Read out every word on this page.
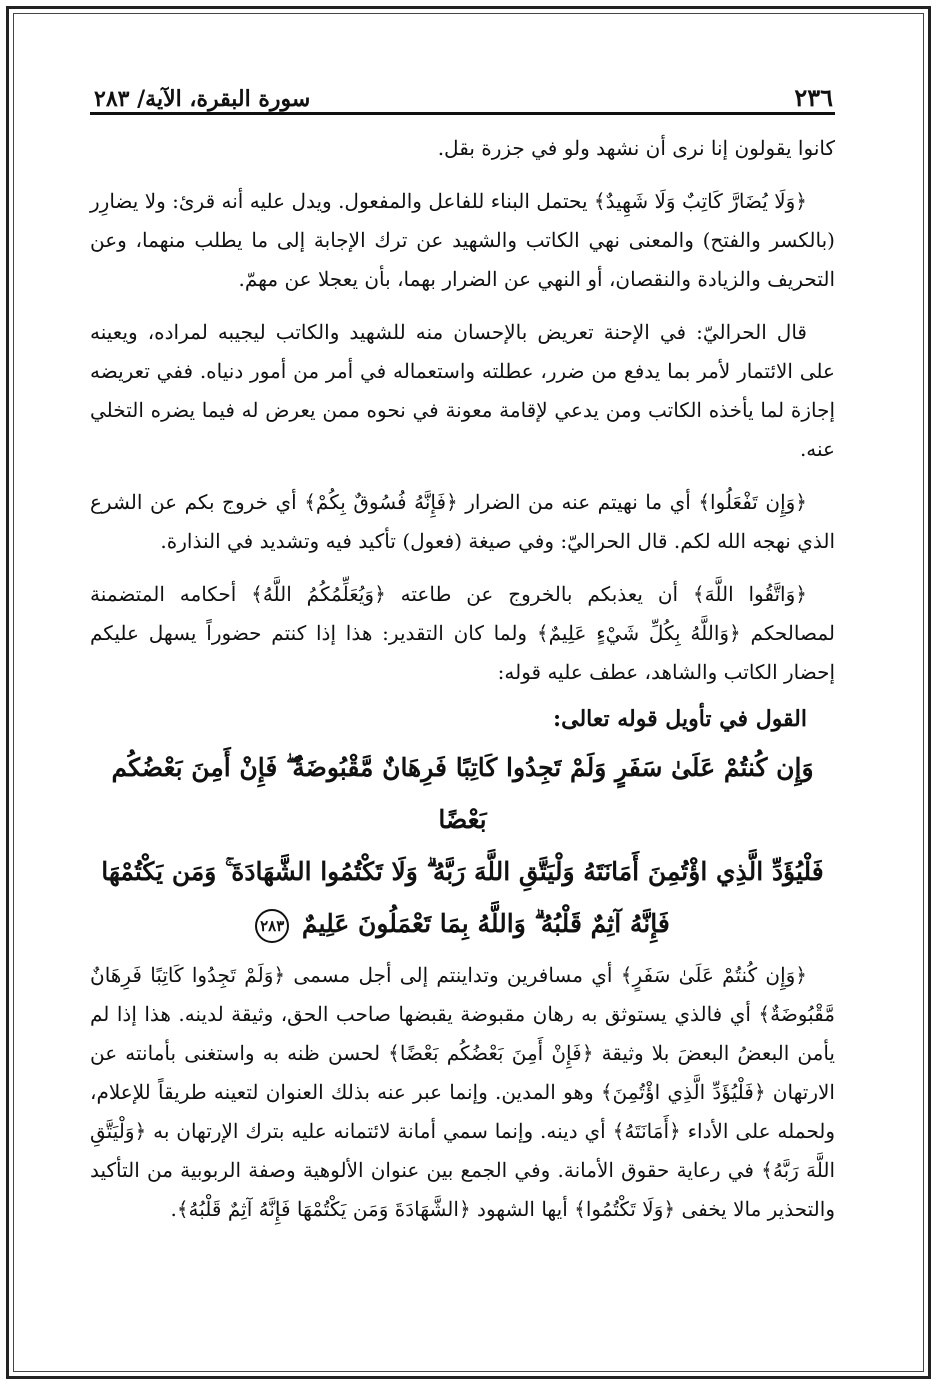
٢٣٦
سورة البقرة، الآية/ ٢٨٣

كانوا يقولون إنا نرى أن نشهد ولو في جزرة بقل.

﴿وَلَا يُضَارَّ كَاتِبٌ وَلَا شَهِيدٌ﴾ يحتمل البناء للفاعل والمفعول. ويدل عليه أنه قرئ: ولا يضارِر (بالكسر والفتح) والمعنى نهي الكاتب والشهيد عن ترك الإجابة إلى ما يطلب منهما، وعن التحريف والزيادة والنقصان، أو النهي عن الضرار بهما، بأن يعجلا عن مهمّ.

قال الحراليّ: في الإحنة تعريض بالإحسان منه للشهيد والكاتب ليجيبه لمراده، ويعينه على الائتمار لأمر بما يدفع من ضرر، عطلته واستعماله في أمر من أمور دنياه. ففي تعريضه إجازة لما يأخذه الكاتب ومن يدعي لإقامة معونة في نحوه ممن يعرض له فيما يضره التخلي عنه.

﴿وَإِن تَفْعَلُوا﴾ أي ما نهيتم عنه من الضرار ﴿فَإِنَّهُ فُسُوقٌ بِكُمْ﴾ أي خروج بكم عن الشرع الذي نهجه الله لكم. قال الحراليّ: وفي صيغة (فعول) تأكيد فيه وتشديد في النذارة.

﴿وَاتَّقُوا اللَّهَ﴾ أن يعذبكم بالخروج عن طاعته ﴿وَيُعَلِّمُكُمُ اللَّهُ﴾ أحكامه المتضمنة لمصالحكم ﴿وَاللَّهُ بِكُلِّ شَيْءٍ عَلِيمٌ﴾ ولما كان التقدير: هذا إذا كنتم حضوراً يسهل عليكم إحضار الكاتب والشاهد، عطف عليه قوله:

القول في تأويل قوله تعالى:
وَإِن كُنتُمْ عَلَىٰ سَفَرٍ وَلَمْ تَجِدُوا كَاتِبًا فَرِهَانٌ مَّقْبُوضَةٌ ۖ فَإِنْ أَمِنَ بَعْضُكُم بَعْضًا
فَلْيُؤَدِّ الَّذِي اؤْتُمِنَ أَمَانَتَهُ وَلْيَتَّقِ اللَّهَ رَبَّهُ ۗ وَلَا تَكْتُمُوا الشَّهَادَةَ ۚ وَمَن يَكْتُمْهَا
فَإِنَّهُ آثِمٌ قَلْبُهُ ۗ وَاللَّهُ بِمَا تَعْمَلُونَ عَلِيمٌ ٢٨٣

﴿وَإِن كُنتُمْ عَلَىٰ سَفَرٍ﴾ أي مسافرين وتداينتم إلى أجل مسمى ﴿وَلَمْ تَجِدُوا كَاتِبًا فَرِهَانٌ مَّقْبُوضَةٌ﴾ أي فالذي يستوثق به رهان مقبوضة يقبضها صاحب الحق، وثيقة لدينه. هذا إذا لم يأمن البعضُ البعضَ بلا وثيقة ﴿فَإِنْ أَمِنَ بَعْضُكُم بَعْضًا﴾ لحسن ظنه به واستغنى بأمانته عن الارتهان ﴿فَلْيُؤَدِّ الَّذِي اؤْتُمِنَ﴾ وهو المدين. وإنما عبر عنه بذلك العنوان لتعينه طريقاً للإعلام، ولحمله على الأداء ﴿أَمَانَتَهُ﴾ أي دينه. وإنما سمي أمانة لائتمانه عليه بترك الإرتهان به ﴿وَلْيَتَّقِ اللَّهَ رَبَّهُ﴾ في رعاية حقوق الأمانة. وفي الجمع بين عنوان الألوهية وصفة الربوبية من التأكيد والتحذير مالا يخفى ﴿وَلَا تَكْتُمُوا﴾ أيها الشهود ﴿الشَّهَادَةَ وَمَن يَكْتُمْهَا فَإِنَّهُ آثِمٌ قَلْبُهُ﴾.
